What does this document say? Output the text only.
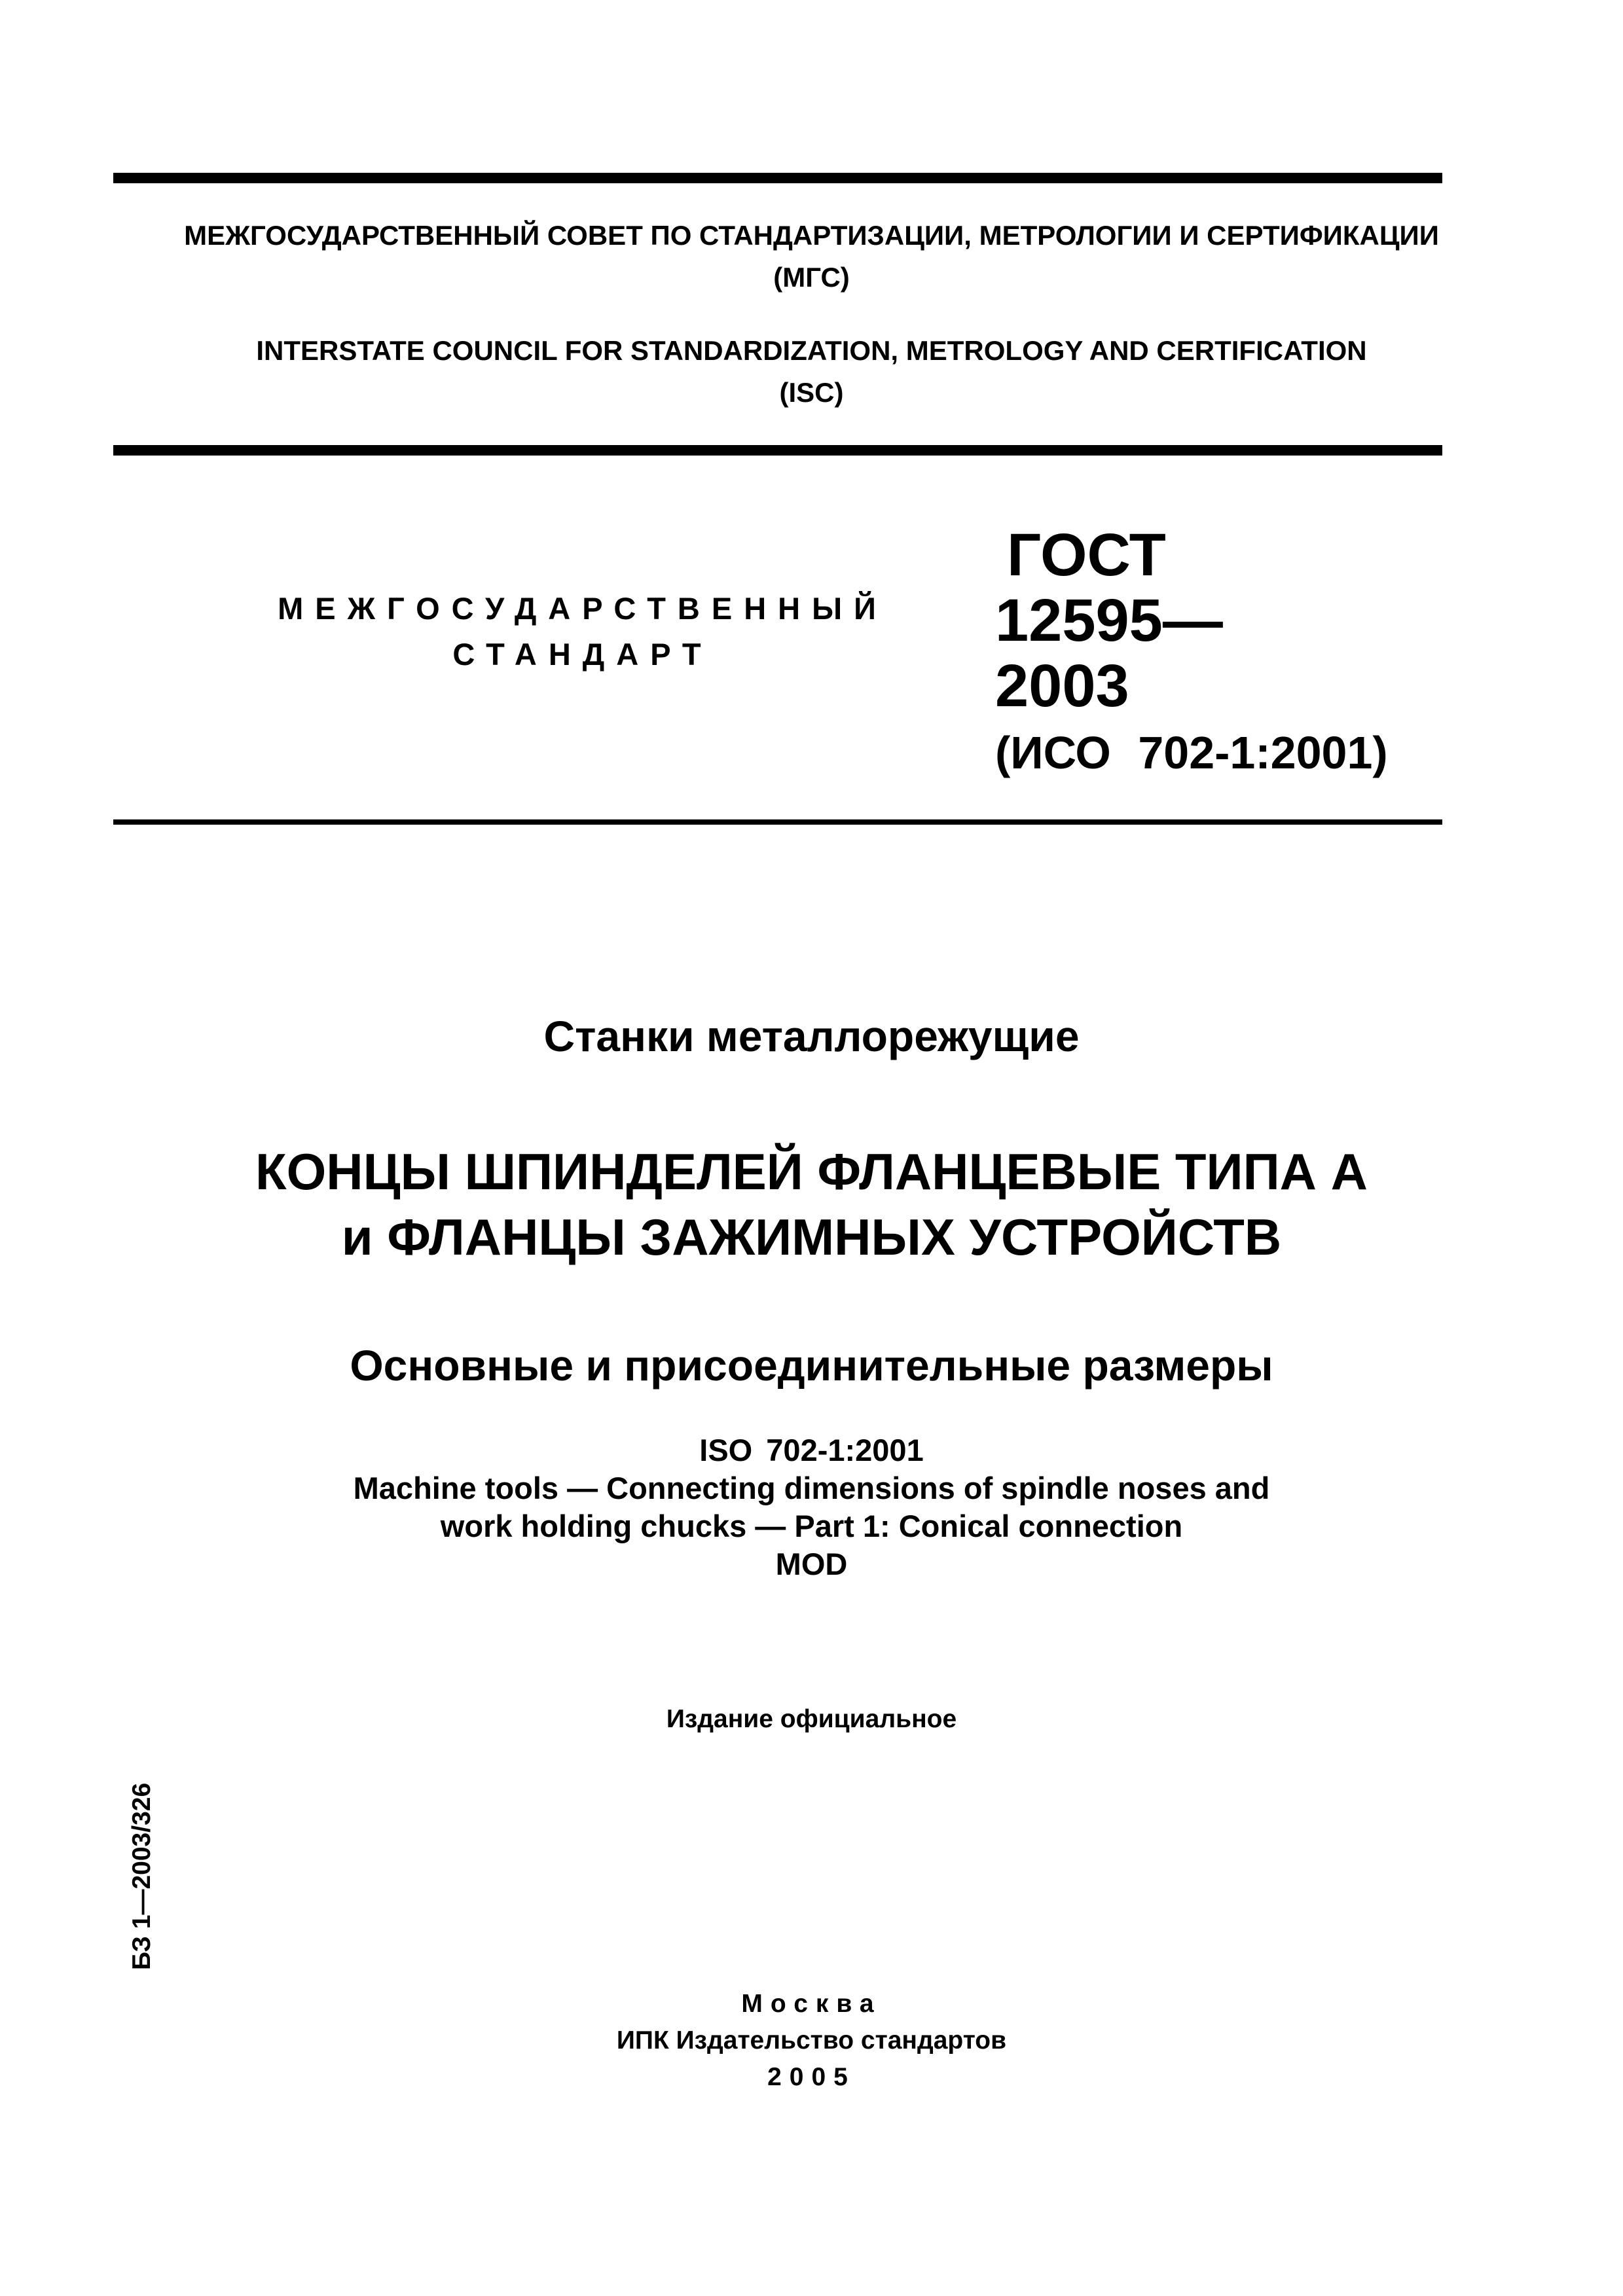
МЕЖГОСУДАРСТВЕННЫЙ СОВЕТ ПО СТАНДАРТИЗАЦИИ, МЕТРОЛОГИИ И СЕРТИФИКАЦИИ
(МГС)
INTERSTATE COUNCIL FOR STANDARDIZATION, METROLOGY AND CERTIFICATION
(ISC)
МЕЖГОСУДАРСТВЕННЫЙ
СТАНДАРТ
ГОСТ
12595—
2003
(ИСО 702-1:2001)
Станки металлорежущие
КОНЦЫ ШПИНДЕЛЕЙ ФЛАНЦЕВЫЕ ТИПА А
и ФЛАНЦЫ ЗАЖИМНЫХ УСТРОЙСТВ
Основные и присоединительные размеры
ISO 702-1:2001
Machine tools — Connecting dimensions of spindle noses and
work holding chucks — Part 1: Conical connection
MOD
Издание официальное
БЗ 1—2003/326
Москва
ИПК Издательство стандартов
2005
